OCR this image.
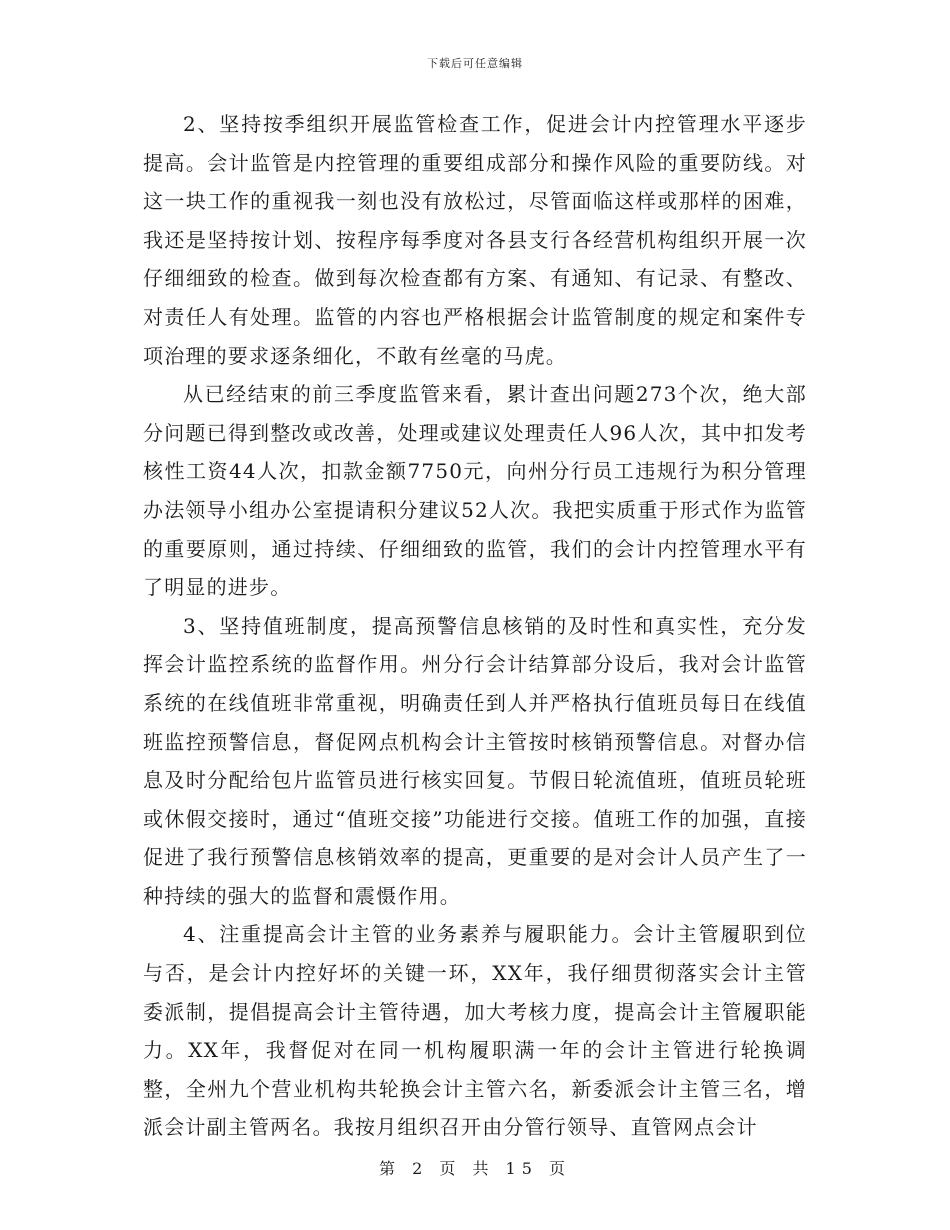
下载后可任意编辑

2、坚持按季组织开展监管检查工作，促进会计内控管理水平逐步提高。会计监管是内控管理的重要组成部分和操作风险的重要防线。对这一块工作的重视我一刻也没有放松过，尽管面临这样或那样的困难，我还是坚持按计划、按程序每季度对各县支行各经营机构组织开展一次仔细细致的检查。做到每次检查都有方案、有通知、有记录、有整改、对责任人有处理。监管的内容也严格根据会计监管制度的规定和案件专项治理的要求逐条细化，不敢有丝毫的马虎。

从已经结束的前三季度监管来看，累计查出问题273个次，绝大部分问题已得到整改或改善，处理或建议处理责任人96人次，其中扣发考核性工资44人次，扣款金额7750元，向州分行员工违规行为积分管理办法领导小组办公室提请积分建议52人次。我把实质重于形式作为监管的重要原则，通过持续、仔细细致的监管，我们的会计内控管理水平有了明显的进步。

3、坚持值班制度，提高预警信息核销的及时性和真实性，充分发挥会计监控系统的监督作用。州分行会计结算部分设后，我对会计监管系统的在线值班非常重视，明确责任到人并严格执行值班员每日在线值班监控预警信息，督促网点机构会计主管按时核销预警信息。对督办信息及时分配给包片监管员进行核实回复。节假日轮流值班，值班员轮班或休假交接时，通过“值班交接”功能进行交接。值班工作的加强，直接促进了我行预警信息核销效率的提高，更重要的是对会计人员产生了一种持续的强大的监督和震慑作用。

4、注重提高会计主管的业务素养与履职能力。会计主管履职到位与否，是会计内控好坏的关键一环，XX年，我仔细贯彻落实会计主管委派制，提倡提高会计主管待遇，加大考核力度，提高会计主管履职能力。XX年，我督促对在同一机构履职满一年的会计主管进行轮换调整，全州九个营业机构共轮换会计主管六名，新委派会计主管三名，增派会计副主管两名。我按月组织召开由分管行领导、直管网点会计

第 2 页 共 15 页
